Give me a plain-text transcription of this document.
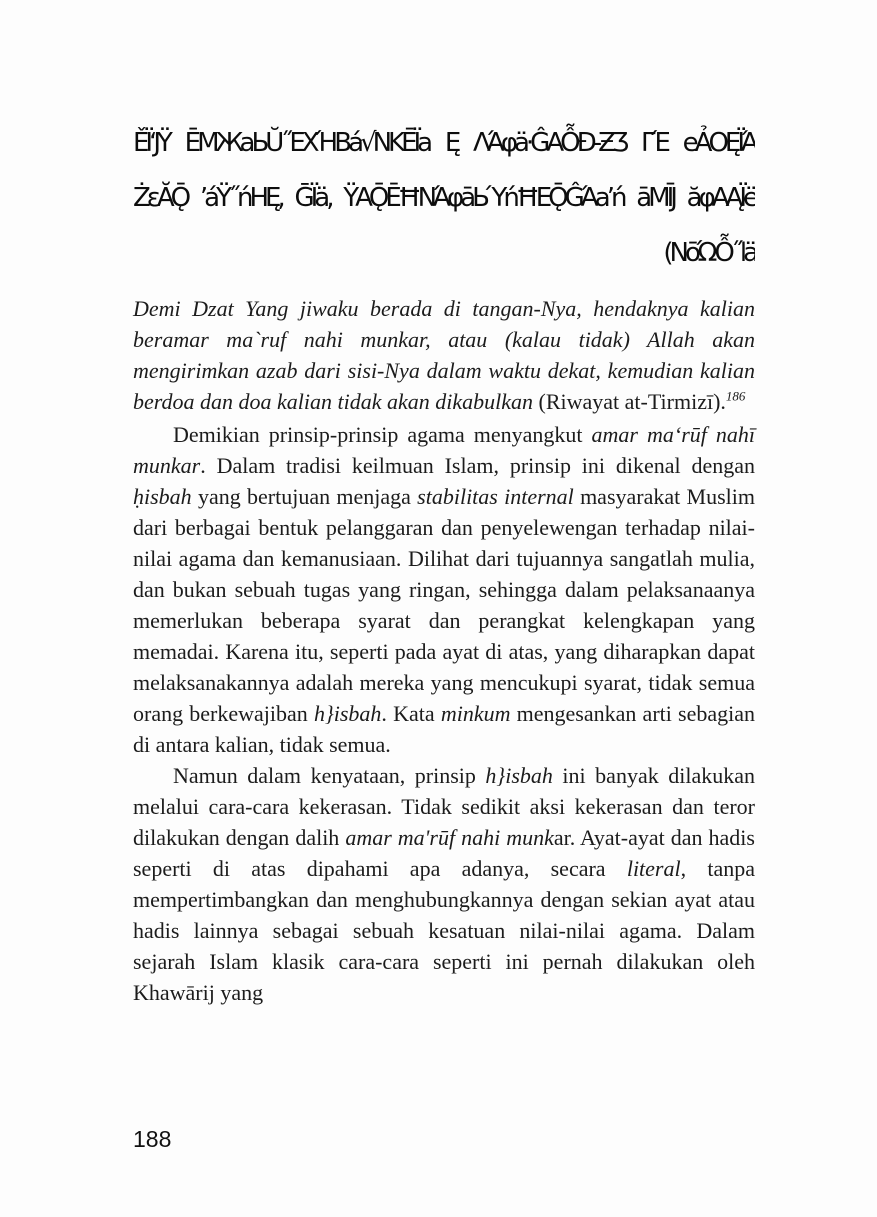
ĚΪ‘JŸ ĒΜЖaЬŬ˝ЕΧΉВá√ΝΚĒΪa Ę ΛΆφä·ĜΑỖĐ-ƵƷ ΓΈ еẢΟĘΪΆ
ŻεĂǬ ’áŸ˝ńНĘ, ḠΪä, ŸΑǬĒĦΝΆφāЬΎńĦΕǬĜΆa’ń āΜĪJ ăφΑĄΪë
(NōΏỖ˝lä

Demi Dzat Yang jiwaku berada di tangan-Nya, hendaknya kalian beramar ma`ruf nahi munkar, atau (kalau tidak) Allah akan mengirimkan azab dari sisi-Nya dalam waktu dekat, kemudian kalian berdoa dan doa kalian tidak akan dikabulkan (Riwayat at-Tirmizī).$^{186}$

Demikian prinsip-prinsip agama menyangkut amar maʻrūf nahī munkar. Dalam tradisi keilmuan Islam, prinsip ini dikenal dengan ḥisbah yang bertujuan menjaga stabilitas internal masyarakat Muslim dari berbagai bentuk pelanggaran dan penyelewengan terhadap nilai-nilai agama dan kemanusiaan. Dilihat dari tujuannya sangatlah mulia, dan bukan sebuah tugas yang ringan, sehingga dalam pelaksanaanya memerlukan beberapa syarat dan perangkat kelengkapan yang memadai. Karena itu, seperti pada ayat di atas, yang diharapkan dapat melaksanakannya adalah mereka yang mencukupi syarat, tidak semua orang berkewajiban h}isbah. Kata minkum mengesankan arti sebagian di antara kalian, tidak semua.

Namun dalam kenyataan, prinsip h}isbah ini banyak dilakukan melalui cara-cara kekerasan. Tidak sedikit aksi kekerasan dan teror dilakukan dengan dalih amar ma'rūf nahi munkar. Ayat-ayat dan hadis seperti di atas dipahami apa adanya, secara literal, tanpa mempertimbangkan dan menghubungkannya dengan sekian ayat atau hadis lainnya sebagai sebuah kesatuan nilai-nilai agama. Dalam sejarah Islam klasik cara-cara seperti ini pernah dilakukan oleh Khawārij yang

188
